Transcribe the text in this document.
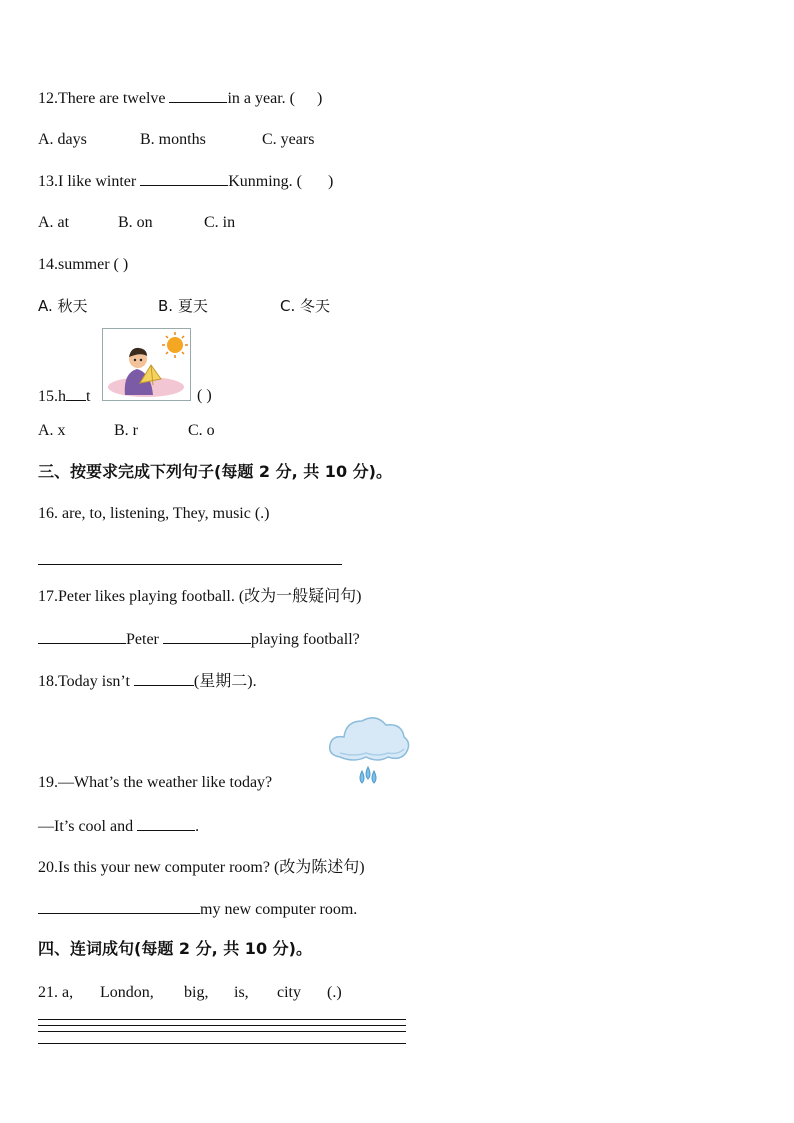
12.There are twelve	in a year. ( )
A. days	B. months	C. years
13.I like winter	Kunming. ( )
A. at	B. on	C. in
14.summer ( )
A. 秋天	B. 夏天	C. 冬天
15.h t	( )
A. x	B. r	C. o
三、按要求完成下列句子(每题 2 分, 共 10 分)。
16. are, to, listening, They, music (.)
17.Peter likes playing football. (改为一般疑问句)
Peter	playing football?
18.Today isn’t	(星期二).
19.—What’s the weather like today?
—It’s cool and	.
20.Is this your new computer room? (改为陈述句)
my new computer room.
四、连词成句(每题 2 分, 共 10 分)。
21. a, London, big, is, city (.)
